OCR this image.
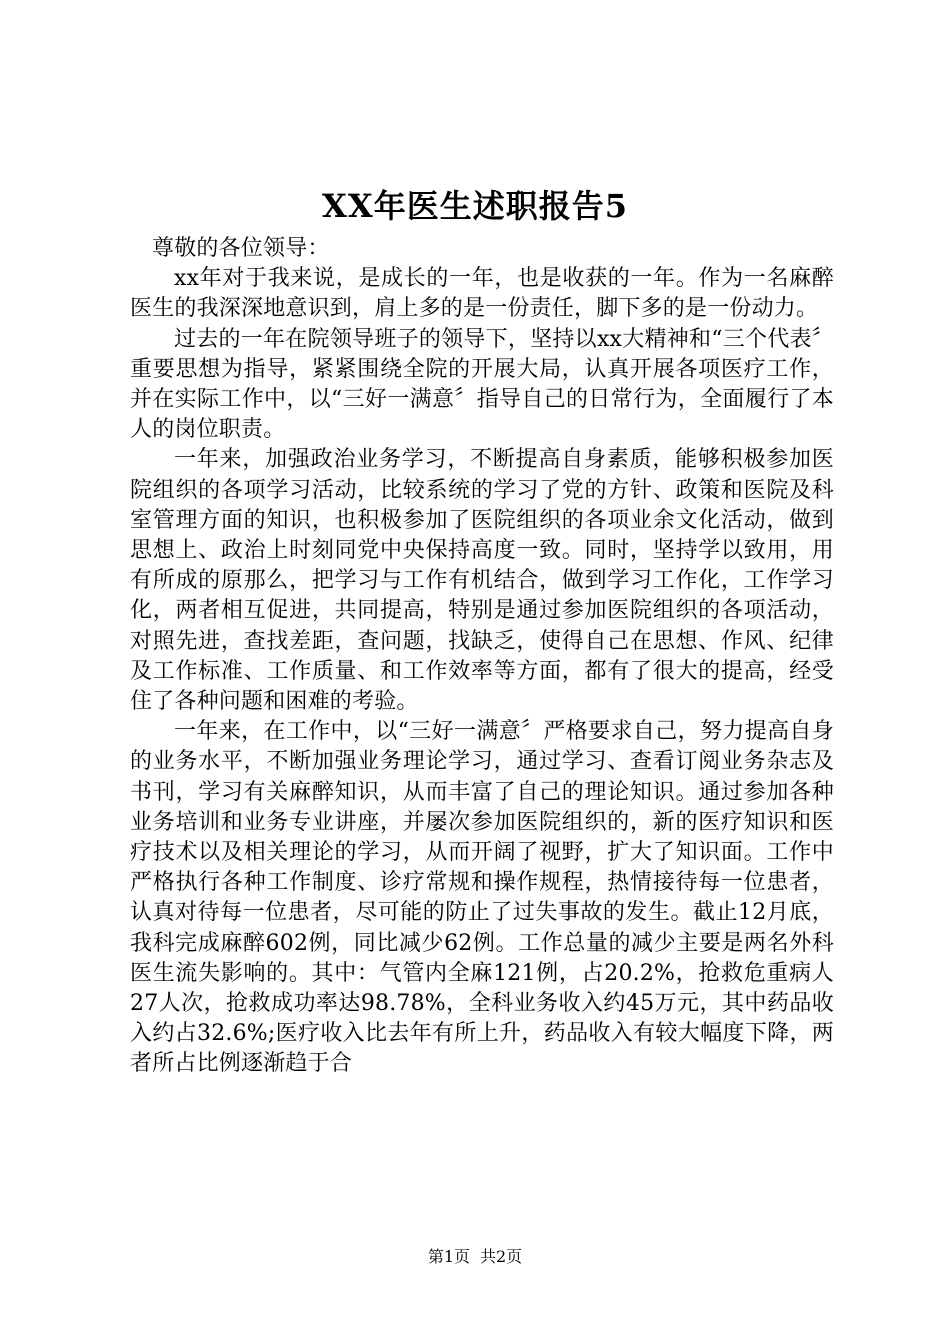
XX年医生述职报告5

尊敬的各位领导：

xx年对于我来说，是成长的一年，也是收获的一年。作为一名麻醉医生的我深深地意识到，肩上多的是一份责任，脚下多的是一份动力。

过去的一年在院领导班子的领导下，坚持以xx大精神和“三个代表〞重要思想为指导，紧紧围绕全院的开展大局，认真开展各项医疗工作，并在实际工作中，以“三好一满意〞指导自己的日常行为，全面履行了本人的岗位职责。

一年来，加强政治业务学习，不断提高自身素质，能够积极参加医院组织的各项学习活动，比较系统的学习了党的方针、政策和医院及科室管理方面的知识，也积极参加了医院组织的各项业余文化活动，做到思想上、政治上时刻同党中央保持高度一致。同时，坚持学以致用，用有所成的原那么，把学习与工作有机结合，做到学习工作化，工作学习化，两者相互促进，共同提高，特别是通过参加医院组织的各项活动，对照先进，查找差距，查问题，找缺乏，使得自己在思想、作风、纪律及工作标准、工作质量、和工作效率等方面，都有了很大的提高，经受住了各种问题和困难的考验。

一年来，在工作中，以“三好一满意〞严格要求自己，努力提高自身的业务水平，不断加强业务理论学习，通过学习、查看订阅业务杂志及书刊，学习有关麻醉知识，从而丰富了自己的理论知识。通过参加各种业务培训和业务专业讲座，并屡次参加医院组织的，新的医疗知识和医疗技术以及相关理论的学习，从而开阔了视野，扩大了知识面。工作中严格执行各种工作制度、诊疗常规和操作规程，热情接待每一位患者，认真对待每一位患者，尽可能的防止了过失事故的发生。截止12月底，我科完成麻醉602例，同比减少62例。工作总量的减少主要是两名外科医生流失影响的。其中：气管内全麻121例，占20.2%，抢救危重病人27人次，抢救成功率达98.78%，全科业务收入约45万元，其中药品收入约占32.6%;医疗收入比去年有所上升，药品收入有较大幅度下降，两者所占比例逐渐趋于合

第1页 共2页
